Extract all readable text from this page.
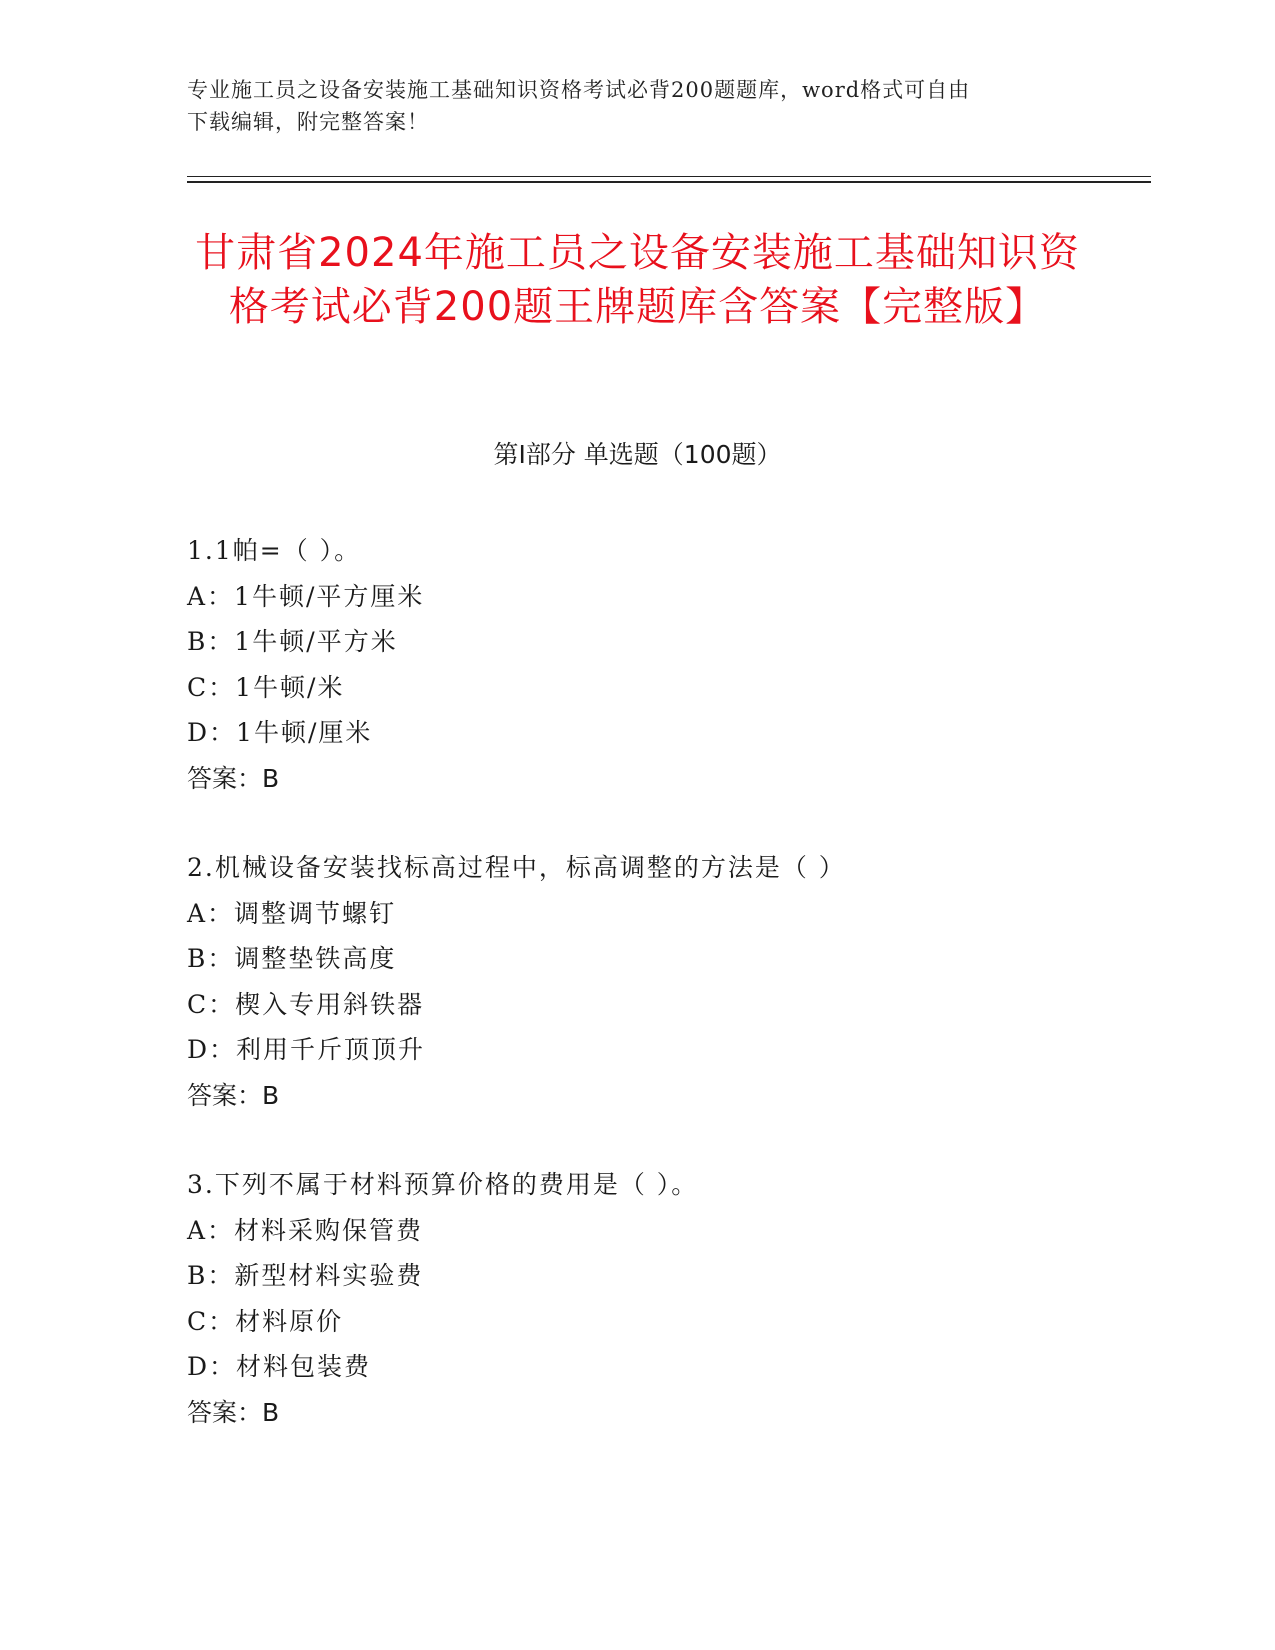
专业施工员之设备安装施工基础知识资格考试必背200题题库，word格式可自由
下载编辑，附完整答案！
甘肃省2024年施工员之设备安装施工基础知识资格考试必背200题王牌题库含答案【完整版】
第Ⅰ部分 单选题（100题）
1.1帕=（ ）。
A：1牛顿/平方厘米
B：1牛顿/平方米
C：1牛顿/米
D：1牛顿/厘米
答案：B
2.机械设备安装找标高过程中，标高调整的方法是（ ）
A：调整调节螺钉
B：调整垫铁高度
C：楔入专用斜铁器
D：利用千斤顶顶升
答案：B
3.下列不属于材料预算价格的费用是（ ）。
A：材料采购保管费
B：新型材料实验费
C：材料原价
D：材料包装费
答案：B
